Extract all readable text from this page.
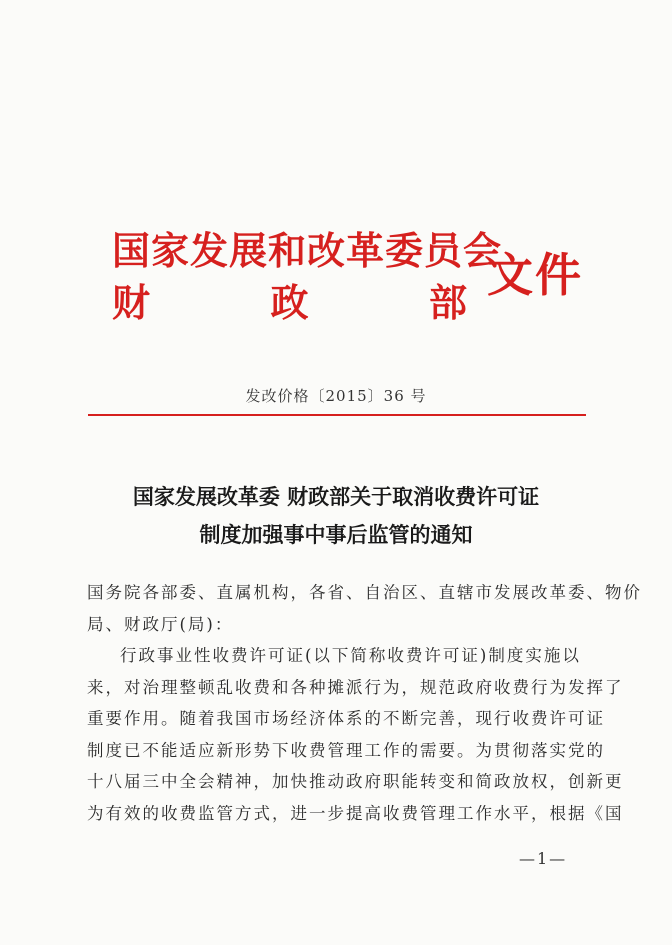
国家发展和改革委员会
财	政	部
文件
发改价格〔2015〕36 号
国家发展改革委 财政部关于取消收费许可证
制度加强事中事后监管的通知
国务院各部委、直属机构，各省、自治区、直辖市发展改革委、物价
局、财政厅(局)：
行政事业性收费许可证(以下简称收费许可证)制度实施以
来，对治理整顿乱收费和各种摊派行为，规范政府收费行为发挥了
重要作用。随着我国市场经济体系的不断完善，现行收费许可证
制度已不能适应新形势下收费管理工作的需要。为贯彻落实党的
十八届三中全会精神，加快推动政府职能转变和简政放权，创新更
为有效的收费监管方式，进一步提高收费管理工作水平，根据《国
—1—
